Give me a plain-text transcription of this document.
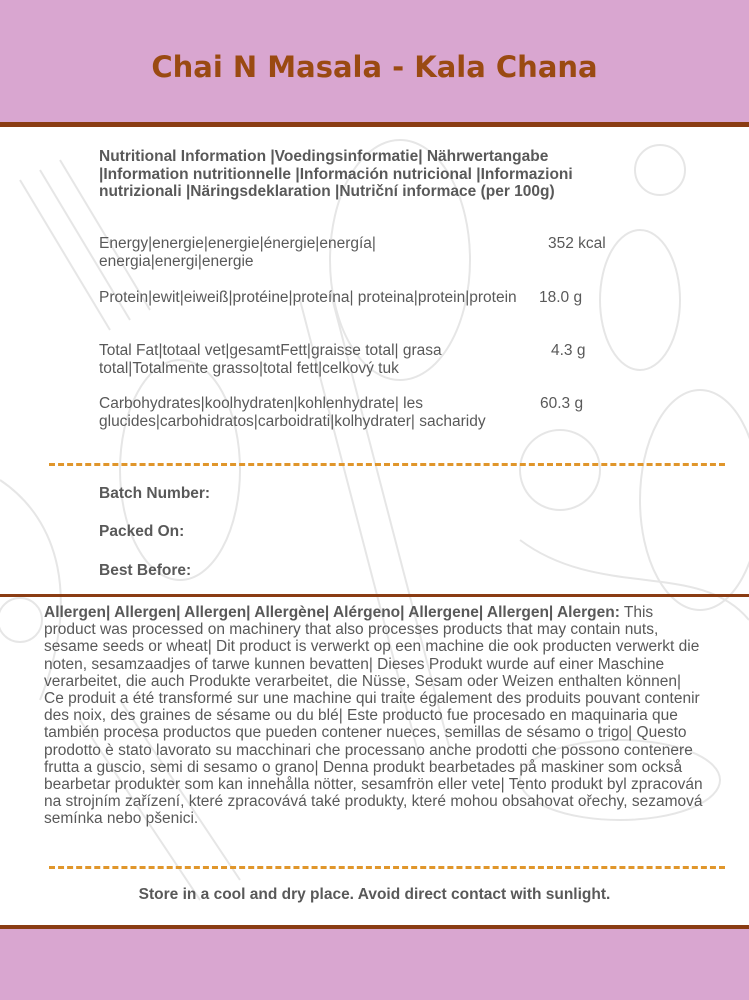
Chai N Masala - Kala Chana
Nutritional Information |Voedingsinformatie| Nährwertangabe |Information nutritionnelle |Información nutricional |Informazioni nutrizionali |Näringsdeklaration |Nutriční informace (per 100g)
Energy|energie|energie|énergie|energía| energia|energi|energie
352 kcal
Protein|ewit|eiweiß|protéine|proteína| proteina|protein|protein 18.0 g
Total Fat|totaal vet|gesamtFett|graisse total| grasa total|Totalmente grasso|total fett|celkový tuk
4.3 g
Carbohydrates|koolhydraten|kohlenhydrate| les glucides|carbohidratos|carboidrati|kolhydrater| sacharidy
60.3 g
Batch Number:
Packed On:
Best Before:
Allergen| Allergen| Allergen| Allergène| Alérgeno| Allergene| Allergen| Alergen: This product was processed on machinery that also processes products that may contain nuts, sesame seeds or wheat| Dit product is verwerkt op een machine die ook producten verwerkt die noten, sesamzaadjes of tarwe kunnen bevatten| Dieses Produkt wurde auf einer Maschine verarbeitet, die auch Produkte verarbeitet, die Nüsse, Sesam oder Weizen enthalten können| Ce produit a été transformé sur une machine qui traite également des produits pouvant contenir des noix, des graines de sésame ou du blé| Este producto fue procesado en maquinaria que también procesa productos que pueden contener nueces, semillas de sésamo o trigo| Questo prodotto è stato lavorato su macchinari che processano anche prodotti che possono contenere frutta a guscio, semi di sesamo o grano| Denna produkt bearbetades på maskiner som också bearbetar produkter som kan innehålla nötter, sesamfrön eller vete| Tento produkt byl zpracován na strojním zařízení, které zpracovává také produkty, které mohou obsahovat ořechy, sezamová semínka nebo pšenici.
Store in a cool and dry place. Avoid direct contact with sunlight.
